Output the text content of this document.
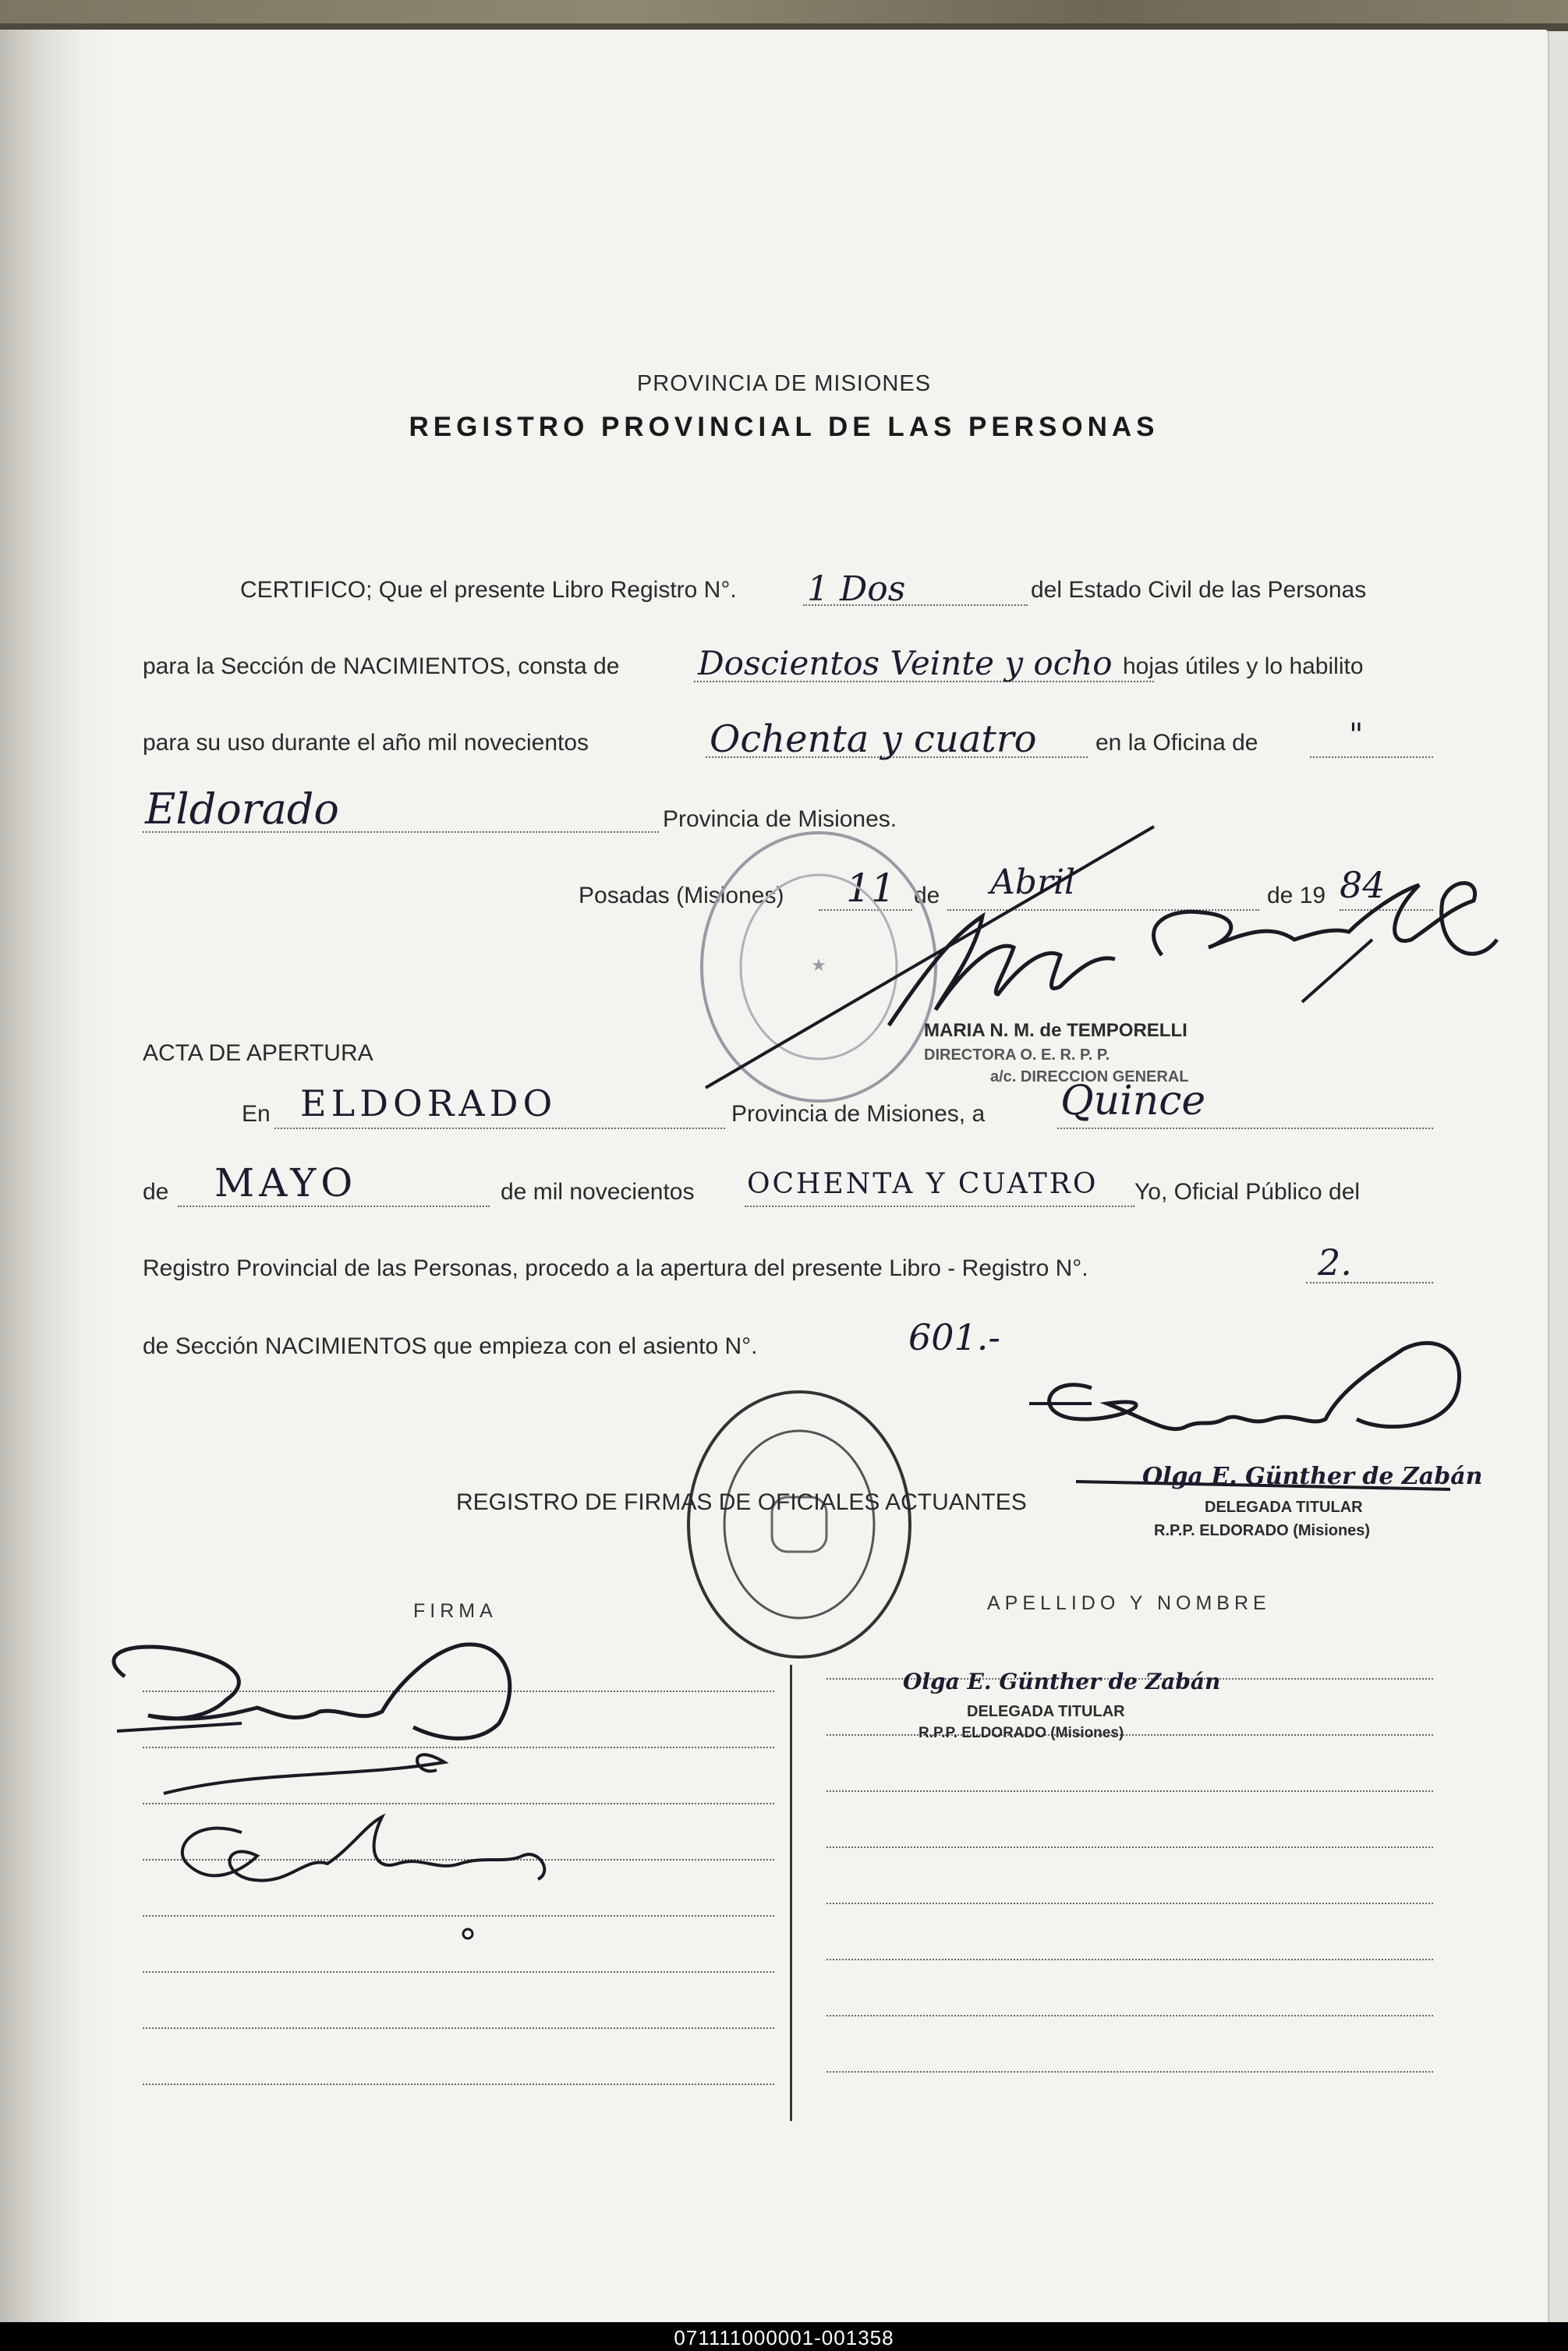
PROVINCIA DE MISIONES
REGISTRO PROVINCIAL DE LAS PERSONAS
CERTIFICO; Que el presente Libro Registro N°. 1 Dos	del Estado Civil de las Personas
para la Sección de NACIMIENTOS, consta de Doscientos Veinte y ocho hojas útiles y lo habilito
para su uso durante el año mil novecientos	Ochenta y cuatro	en la Oficina de	"
Eldorado	Provincia de Misiones.
Posadas (Misiones) 11 de Abril	de 19 84
★
MARIA N. M. de TEMPORELLI
DIRECTORA O. E. R. P. P.
a/c. DIRECCION GENERAL
ACTA DE APERTURA
En ELDORADO	Provincia de Misiones, a Quince
de MAYO	de mil novecientos OCHENTA Y CUATRO Yo, Oficial Público del
Registro Provincial de las Personas, procedo a la apertura del presente Libro - Registro N°.	2.
de Sección NACIMIENTOS que empieza con el asiento N°.	601.-
Olga E. Günther de Zabán
DELEGADA TITULAR
R.P.P. ELDORADO (Misiones)
REGISTRO DE FIRMAS DE OFICIALES ACTUANTES
FIRMA	APELLIDO Y NOMBRE
Olga E. Günther de Zabán
DELEGADA TITULAR
R.P.P. ELDORADO (Misiones)
071111000001-001358
